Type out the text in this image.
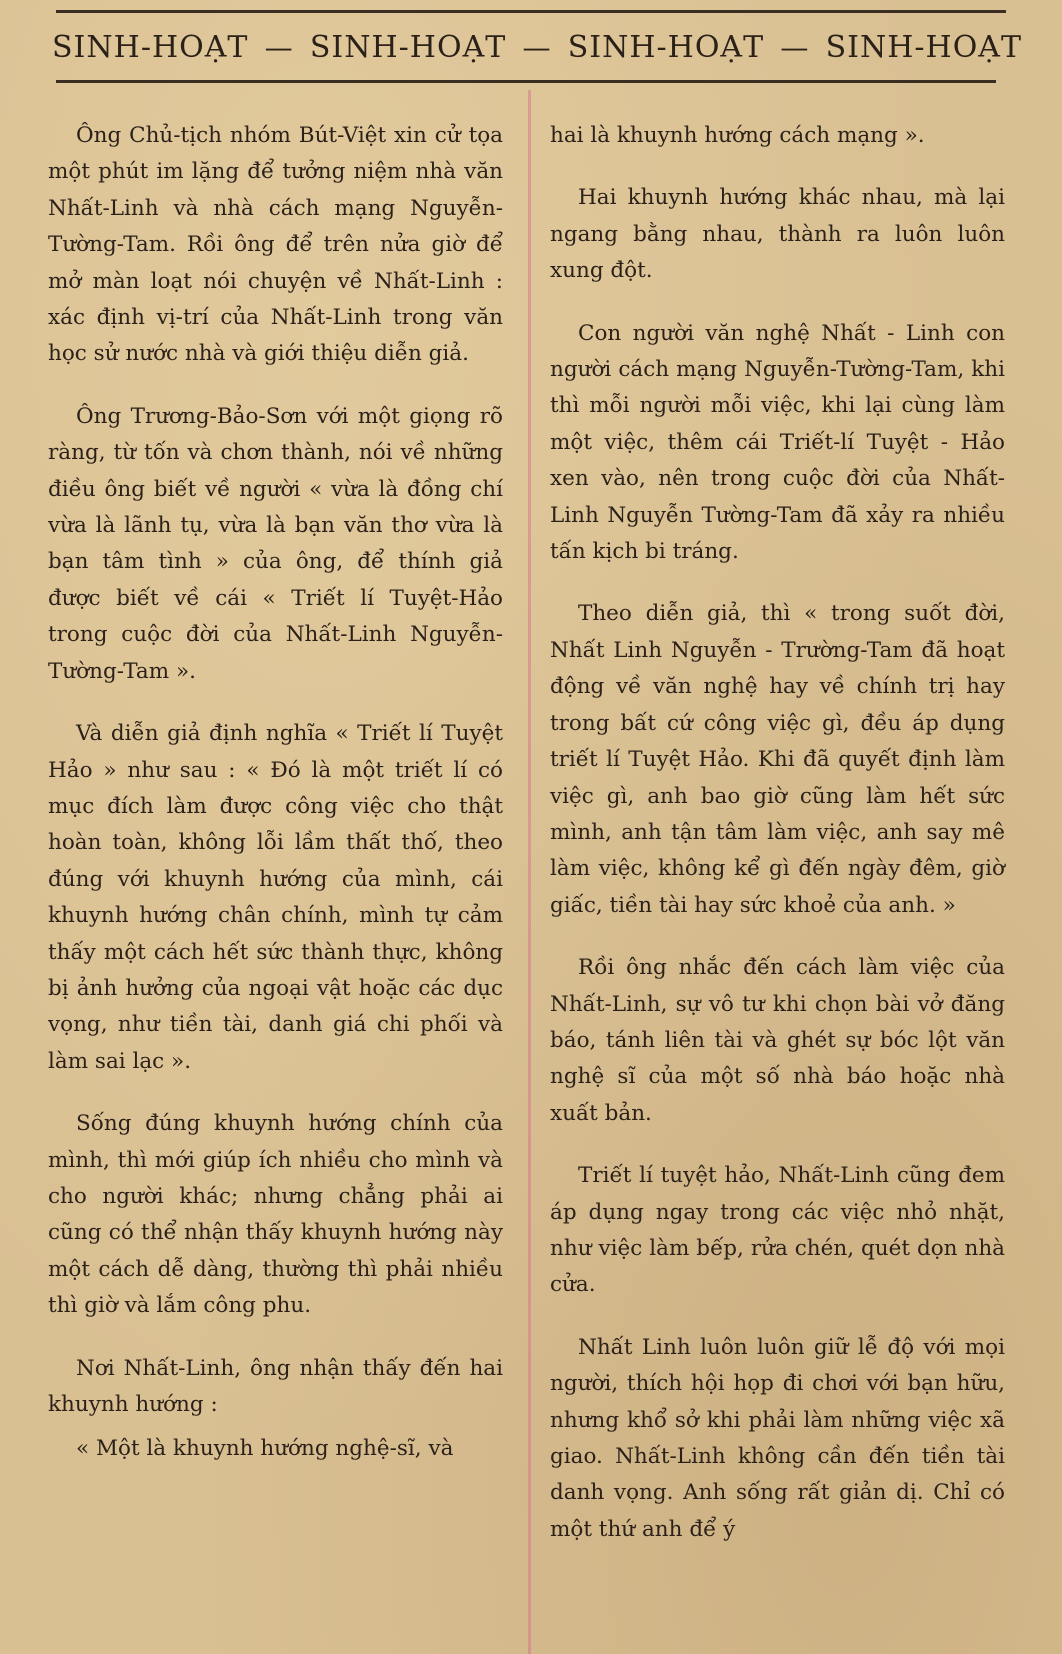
SINH-HOẠT — SINH-HOẠT — SINH-HOẠT — SINH-HOẠT

Ông Chủ-tịch nhóm Bút-Việt xin cử tọa một phút im lặng để tưởng niệm nhà văn Nhất-Linh và nhà cách mạng Nguyễn-Tường-Tam. Rồi ông để trên nửa giờ để mở màn loạt nói chuyện về Nhất-Linh : xác định vị-trí của Nhất-Linh trong văn học sử nước nhà và giới thiệu diễn giả.

Ông Trương-Bảo-Sơn với một giọng rõ ràng, từ tốn và chơn thành, nói về những điều ông biết về người « vừa là đồng chí vừa là lãnh tụ, vừa là bạn văn thơ vừa là bạn tâm tình » của ông, để thính giả được biết về cái « Triết lí Tuyệt-Hảo trong cuộc đời của Nhất-Linh Nguyễn-Tường-Tam ».

Và diễn giả định nghĩa « Triết lí Tuyệt Hảo » như sau : « Đó là một triết lí có mục đích làm được công việc cho thật hoàn toàn, không lỗi lầm thất thố, theo đúng với khuynh hướng của mình, cái khuynh hướng chân chính, mình tự cảm thấy một cách hết sức thành thực, không bị ảnh hưởng của ngoại vật hoặc các dục vọng, như tiền tài, danh giá chi phối và làm sai lạc ».

Sống đúng khuynh hướng chính của mình, thì mới giúp ích nhiều cho mình và cho người khác; nhưng chẳng phải ai cũng có thể nhận thấy khuynh hướng này một cách dễ dàng, thường thì phải nhiều thì giờ và lắm công phu.

Nơi Nhất-Linh, ông nhận thấy đến hai khuynh hướng :

« Một là khuynh hướng nghệ-sĩ, và

hai là khuynh hướng cách mạng ».

Hai khuynh hướng khác nhau, mà lại ngang bằng nhau, thành ra luôn luôn xung đột.

Con người văn nghệ Nhất - Linh con người cách mạng Nguyễn-Tường-Tam, khi thì mỗi người mỗi việc, khi lại cùng làm một việc, thêm cái Triết-lí Tuyệt - Hảo xen vào, nên trong cuộc đời của Nhất-Linh Nguyễn Tường-Tam đã xảy ra nhiều tấn kịch bi tráng.

Theo diễn giả, thì « trong suốt đời, Nhất Linh Nguyễn - Trường-Tam đã hoạt động về văn nghệ hay về chính trị hay trong bất cứ công việc gì, đều áp dụng triết lí Tuyệt Hảo. Khi đã quyết định làm việc gì, anh bao giờ cũng làm hết sức mình, anh tận tâm làm việc, anh say mê làm việc, không kể gì đến ngày đêm, giờ giấc, tiền tài hay sức khoẻ của anh. »

Rồi ông nhắc đến cách làm việc của Nhất-Linh, sự vô tư khi chọn bài vở đăng báo, tánh liên tài và ghét sự bóc lột văn nghệ sĩ của một số nhà báo hoặc nhà xuất bản.

Triết lí tuyệt hảo, Nhất-Linh cũng đem áp dụng ngay trong các việc nhỏ nhặt, như việc làm bếp, rửa chén, quét dọn nhà cửa.

Nhất Linh luôn luôn giữ lễ độ với mọi người, thích hội họp đi chơi với bạn hữu, nhưng khổ sở khi phải làm những việc xã giao. Nhất-Linh không cần đến tiền tài danh vọng. Anh sống rất giản dị. Chỉ có một thứ anh để ý
